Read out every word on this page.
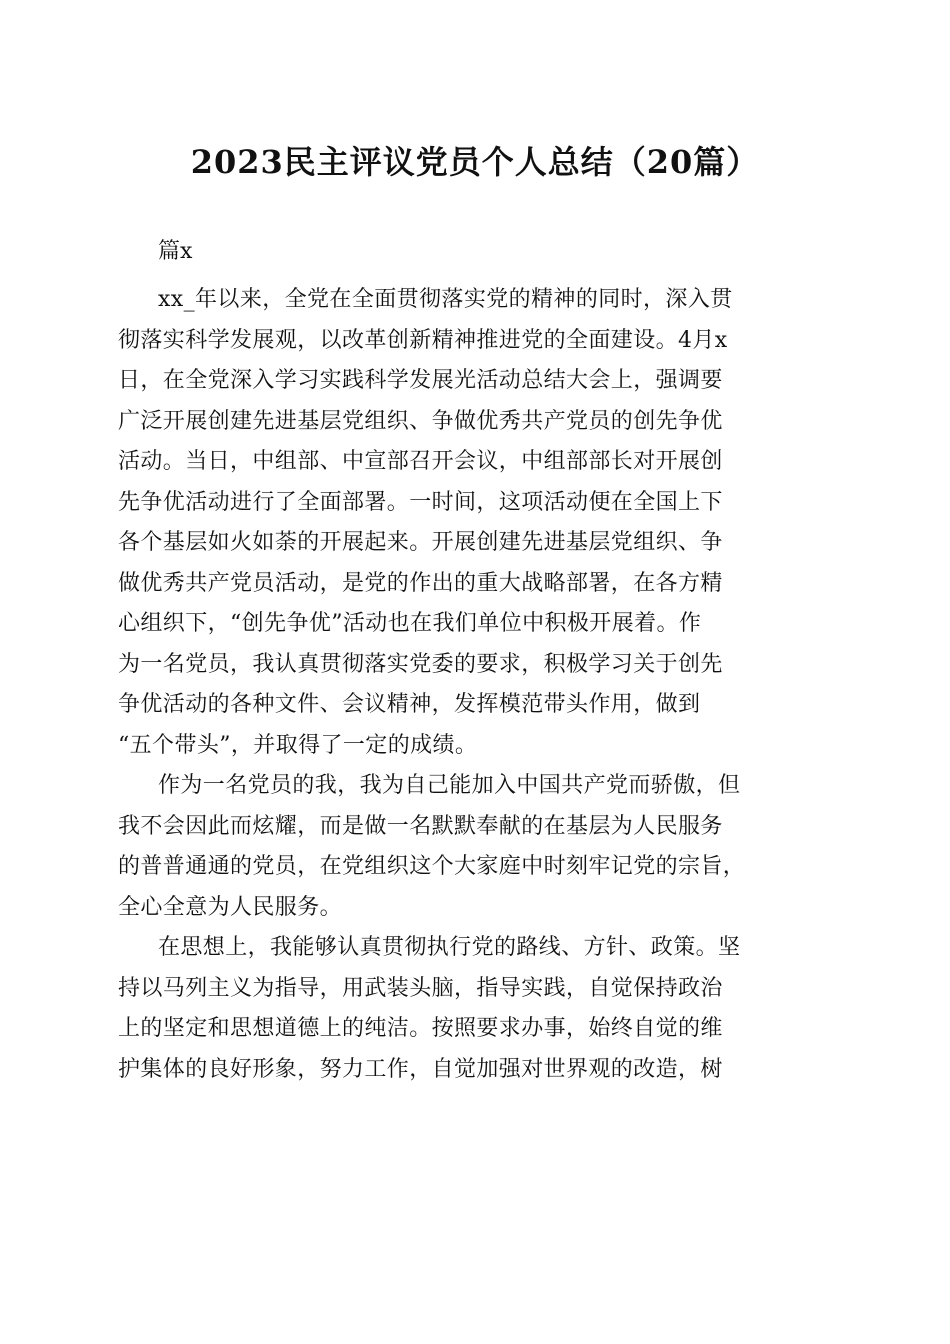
2023民主评议党员个人总结（20篇）
篇x
xx_年以来，全党在全面贯彻落实党的精神的同时，深入贯
彻落实科学发展观，以改革创新精神推进党的全面建设。4月x
日，在全党深入学习实践科学发展光活动总结大会上，强调要
广泛开展创建先进基层党组织、争做优秀共产党员的创先争优
活动。当日，中组部、中宣部召开会议，中组部部长对开展创
先争优活动进行了全面部署。一时间，这项活动便在全国上下
各个基层如火如荼的开展起来。开展创建先进基层党组织、争
做优秀共产党员活动，是党的作出的重大战略部署，在各方精
心组织下，“创先争优”活动也在我们单位中积极开展着。作
为一名党员，我认真贯彻落实党委的要求，积极学习关于创先
争优活动的各种文件、会议精神，发挥模范带头作用，做到
“五个带头”，并取得了一定的成绩。
作为一名党员的我，我为自己能加入中国共产党而骄傲，但
我不会因此而炫耀，而是做一名默默奉献的在基层为人民服务
的普普通通的党员，在党组织这个大家庭中时刻牢记党的宗旨，
全心全意为人民服务。
在思想上，我能够认真贯彻执行党的路线、方针、政策。坚
持以马列主义为指导，用武装头脑，指导实践，自觉保持政治
上的坚定和思想道德上的纯洁。按照要求办事，始终自觉的维
护集体的良好形象，努力工作，自觉加强对世界观的改造，树
